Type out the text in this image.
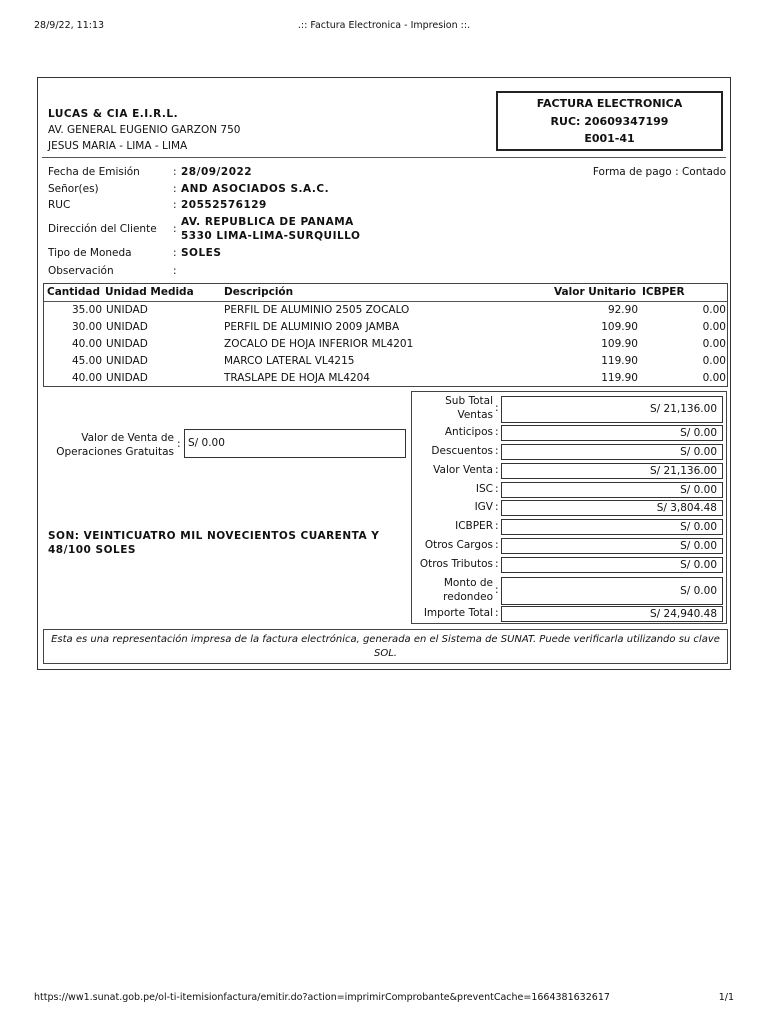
28/9/22, 11:13	.:: Factura Electronica - Impresion ::.
LUCAS & CIA E.I.R.L.
AV. GENERAL EUGENIO GARZON 750
JESUS MARIA - LIMA - LIMA
FACTURA ELECTRONICA
RUC: 20609347199
E001-41
Fecha de Emisión	: 28/09/2022	Forma de pago : Contado
Señor(es)	: AND ASOCIADOS S.A.C.
RUC	: 20552576129
Dirección del Cliente	:
AV. REPUBLICA DE PANAMA
5330 LIMA-LIMA-SURQUILLO
Tipo de Moneda	: SOLES
Observación	:
Cantidad Unidad Medida	Descripción	Valor Unitario ICBPER
35.00 UNIDAD	PERFIL DE ALUMINIO 2505 ZOCALO	92.90	0.00
30.00 UNIDAD	PERFIL DE ALUMINIO 2009 JAMBA	109.90	0.00
40.00 UNIDAD	ZOCALO DE HOJA INFERIOR ML4201	109.90	0.00
45.00 UNIDAD	MARCO LATERAL VL4215	119.90	0.00
40.00 UNIDAD	TRASLAPE DE HOJA ML4204	119.90	0.00
Valor de Venta de Operaciones Gratuitas
: S/ 0.00
SON: VEINTICUATRO MIL NOVECIENTOS CUARENTA Y 48/100 SOLES
Sub Total Ventas
:	S/ 21,136.00
Anticipos :	S/ 0.00
Descuentos :	S/ 0.00
Valor Venta :	S/ 21,136.00
ISC :	S/ 0.00
IGV :	S/ 3,804.48
ICBPER :	S/ 0.00
Otros Cargos :	S/ 0.00
Otros Tributos :	S/ 0.00
Monto de redondeo
:	S/ 0.00
Importe Total :	S/ 24,940.48
Esta es una representación impresa de la factura electrónica, generada en el Sistema de SUNAT. Puede verificarla utilizando su clave SOL.
https://ww1.sunat.gob.pe/ol-ti-itemisionfactura/emitir.do?action=imprimirComprobante&preventCache=1664381632617	1/1
